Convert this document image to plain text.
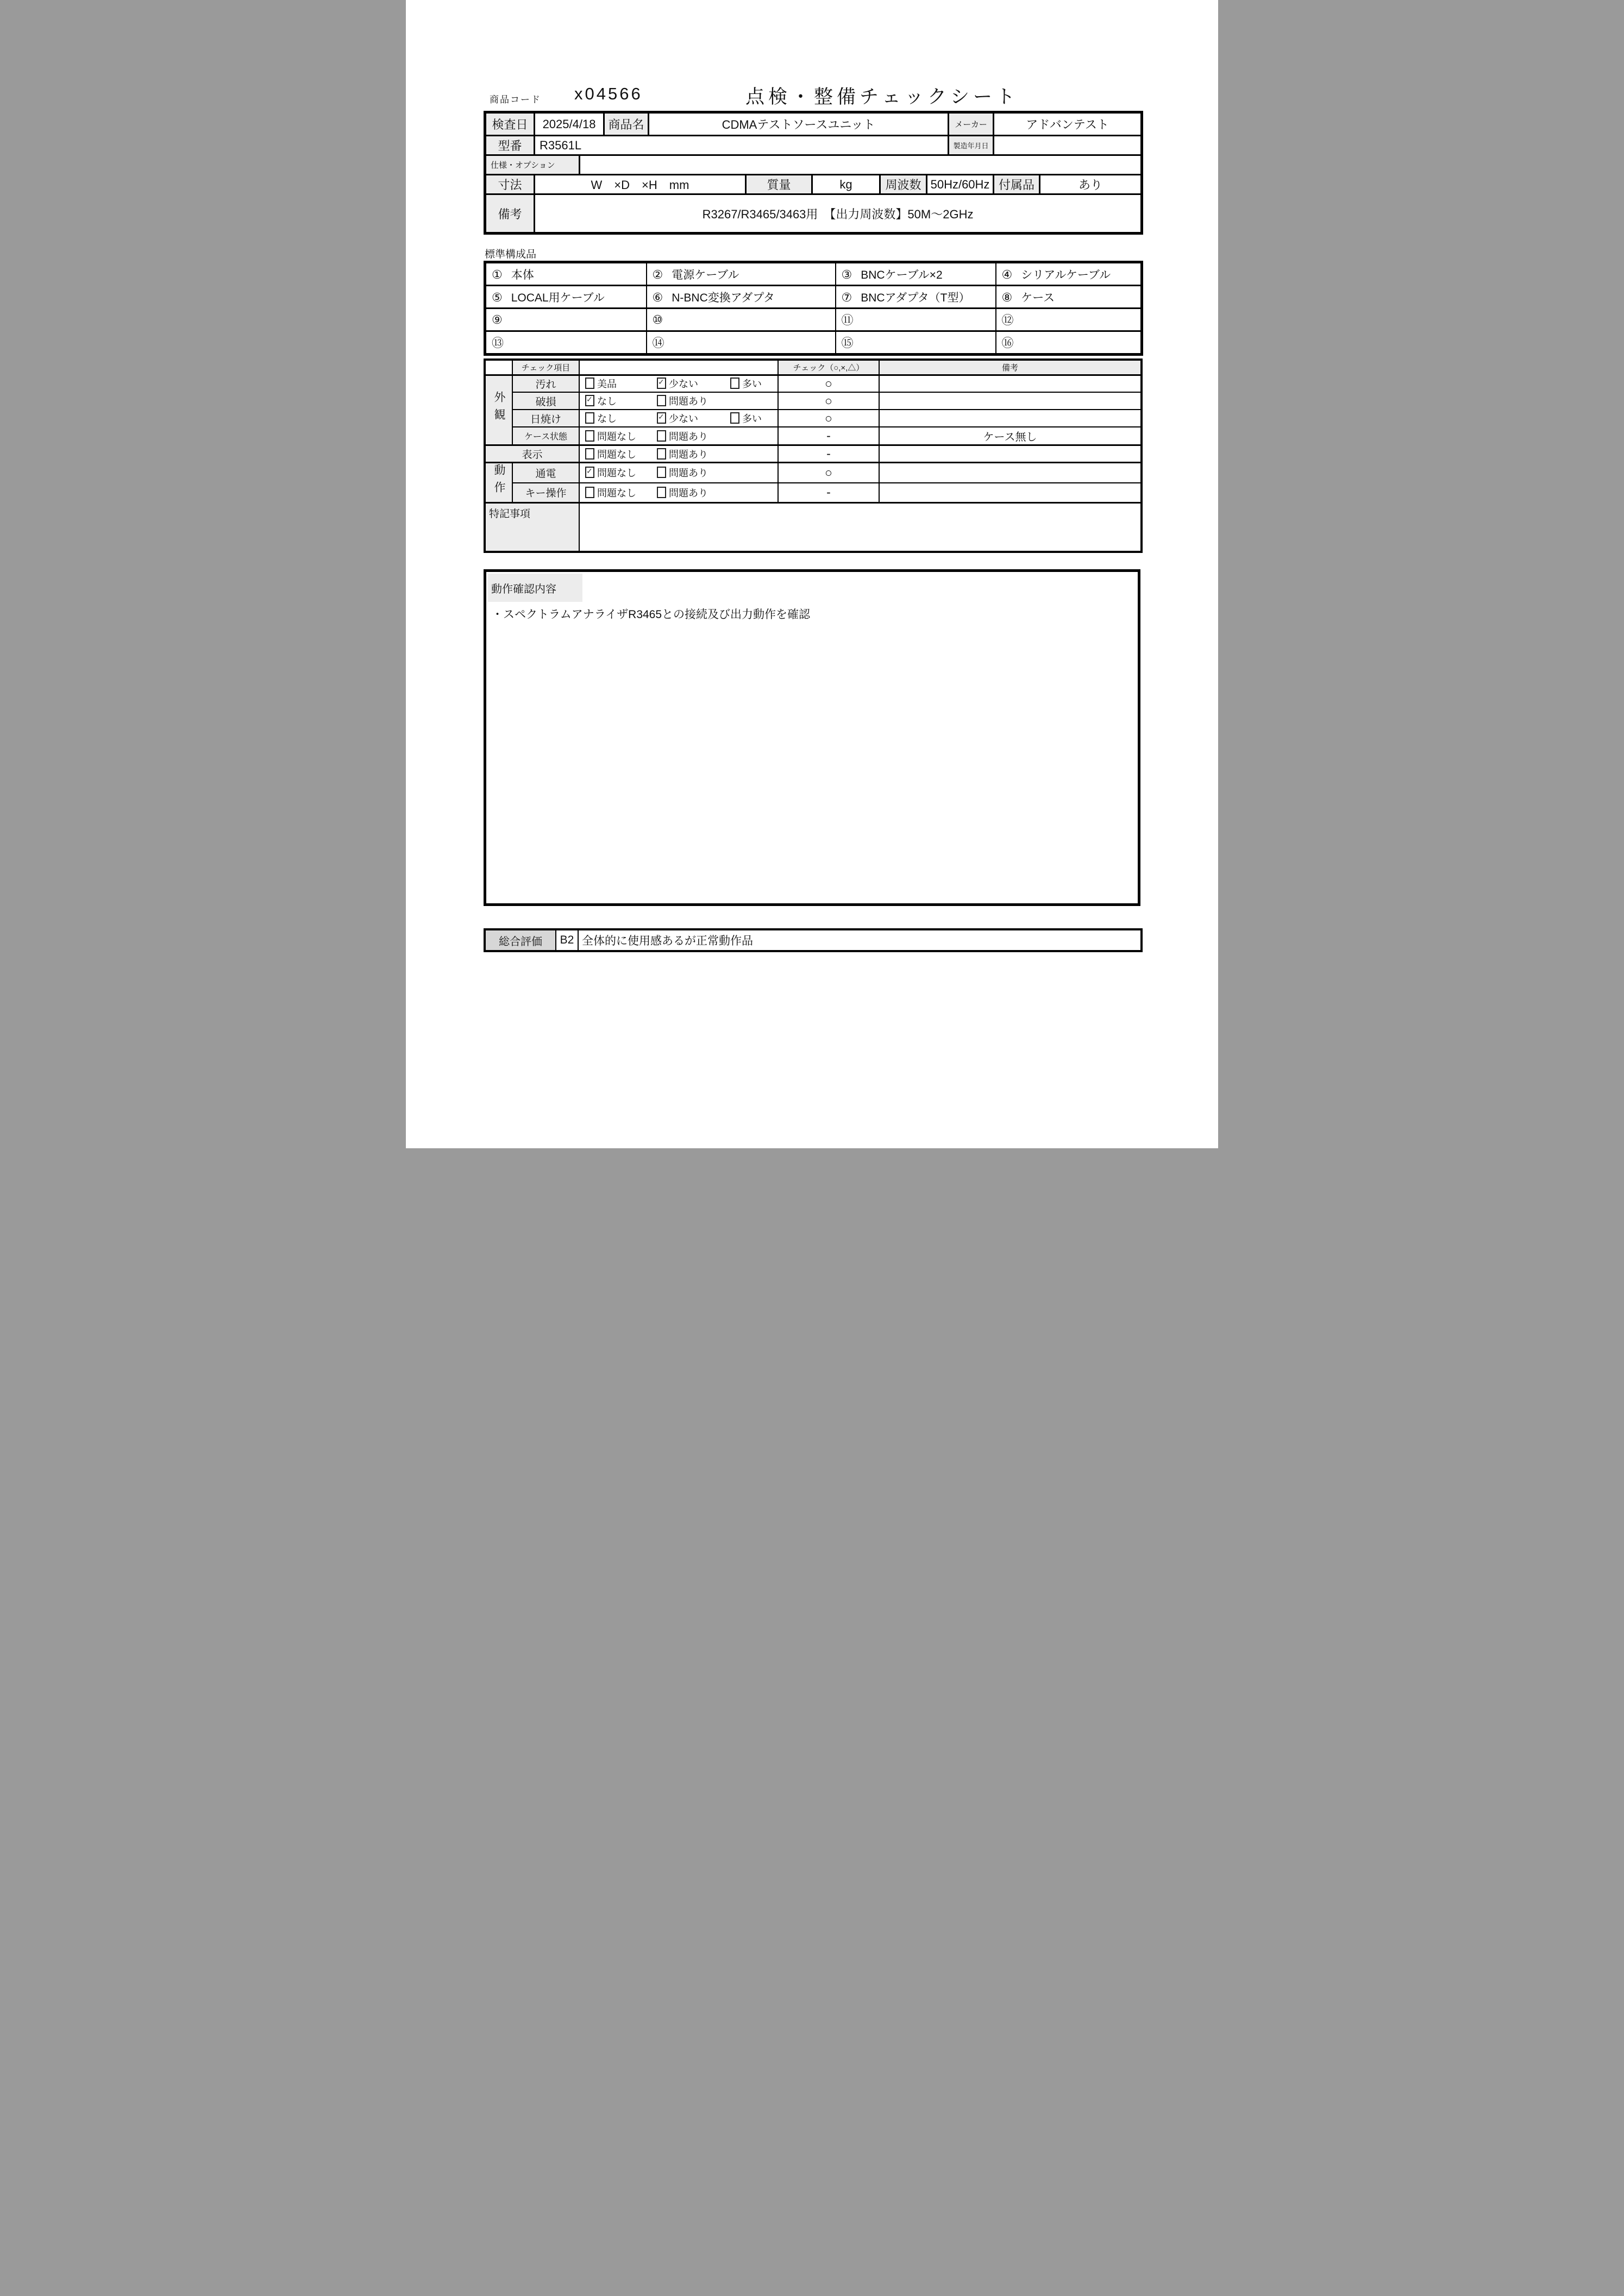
商品コード x04566	点検・整備チェックシート
検査日	2025/4/18		商品名	CDMAテストソースユニット					メーカー	アドバンテスト	
型番	R3561L								製造年月日		
仕様・オプション											
寸法	W　×D　×H　mm				質量	kg	周波数	50Hz/60Hz		付属品	あり
備考	R3267/R3465/3463用　【出力周波数】50M～2GHz										
標準構成品
① 本体	② 電源ケーブル	③ BNCケーブル×2	④ シリアルケーブル
⑤ LOCAL用ケーブル	⑥ N-BNC変換アダプタ	⑦ BNCアダプタ（T型）	⑧ ケース
⑨	⑩	⑪	⑫
⑬	⑭	⑮	⑯
	チェック項目		チェック（○,×,△）	備考
外観	汚れ	美品 ✓ 少ない 多い	○	
	破損	✓ なし 問題あり	○	
	日焼け	なし ✓ 少ない 多い	○	
	ケース状態	問題なし 問題あり	-	ケース無し
表示		問題なし 問題あり	-	
動作	通電	✓ 問題なし 問題あり	○	
	キー操作	問題なし 問題あり	-	
特記事項				
動作確認内容
・スペクトラムアナライザR3465との接続及び出力動作を確認
総合評価	B2	全体的に使用感あるが正常動作品
